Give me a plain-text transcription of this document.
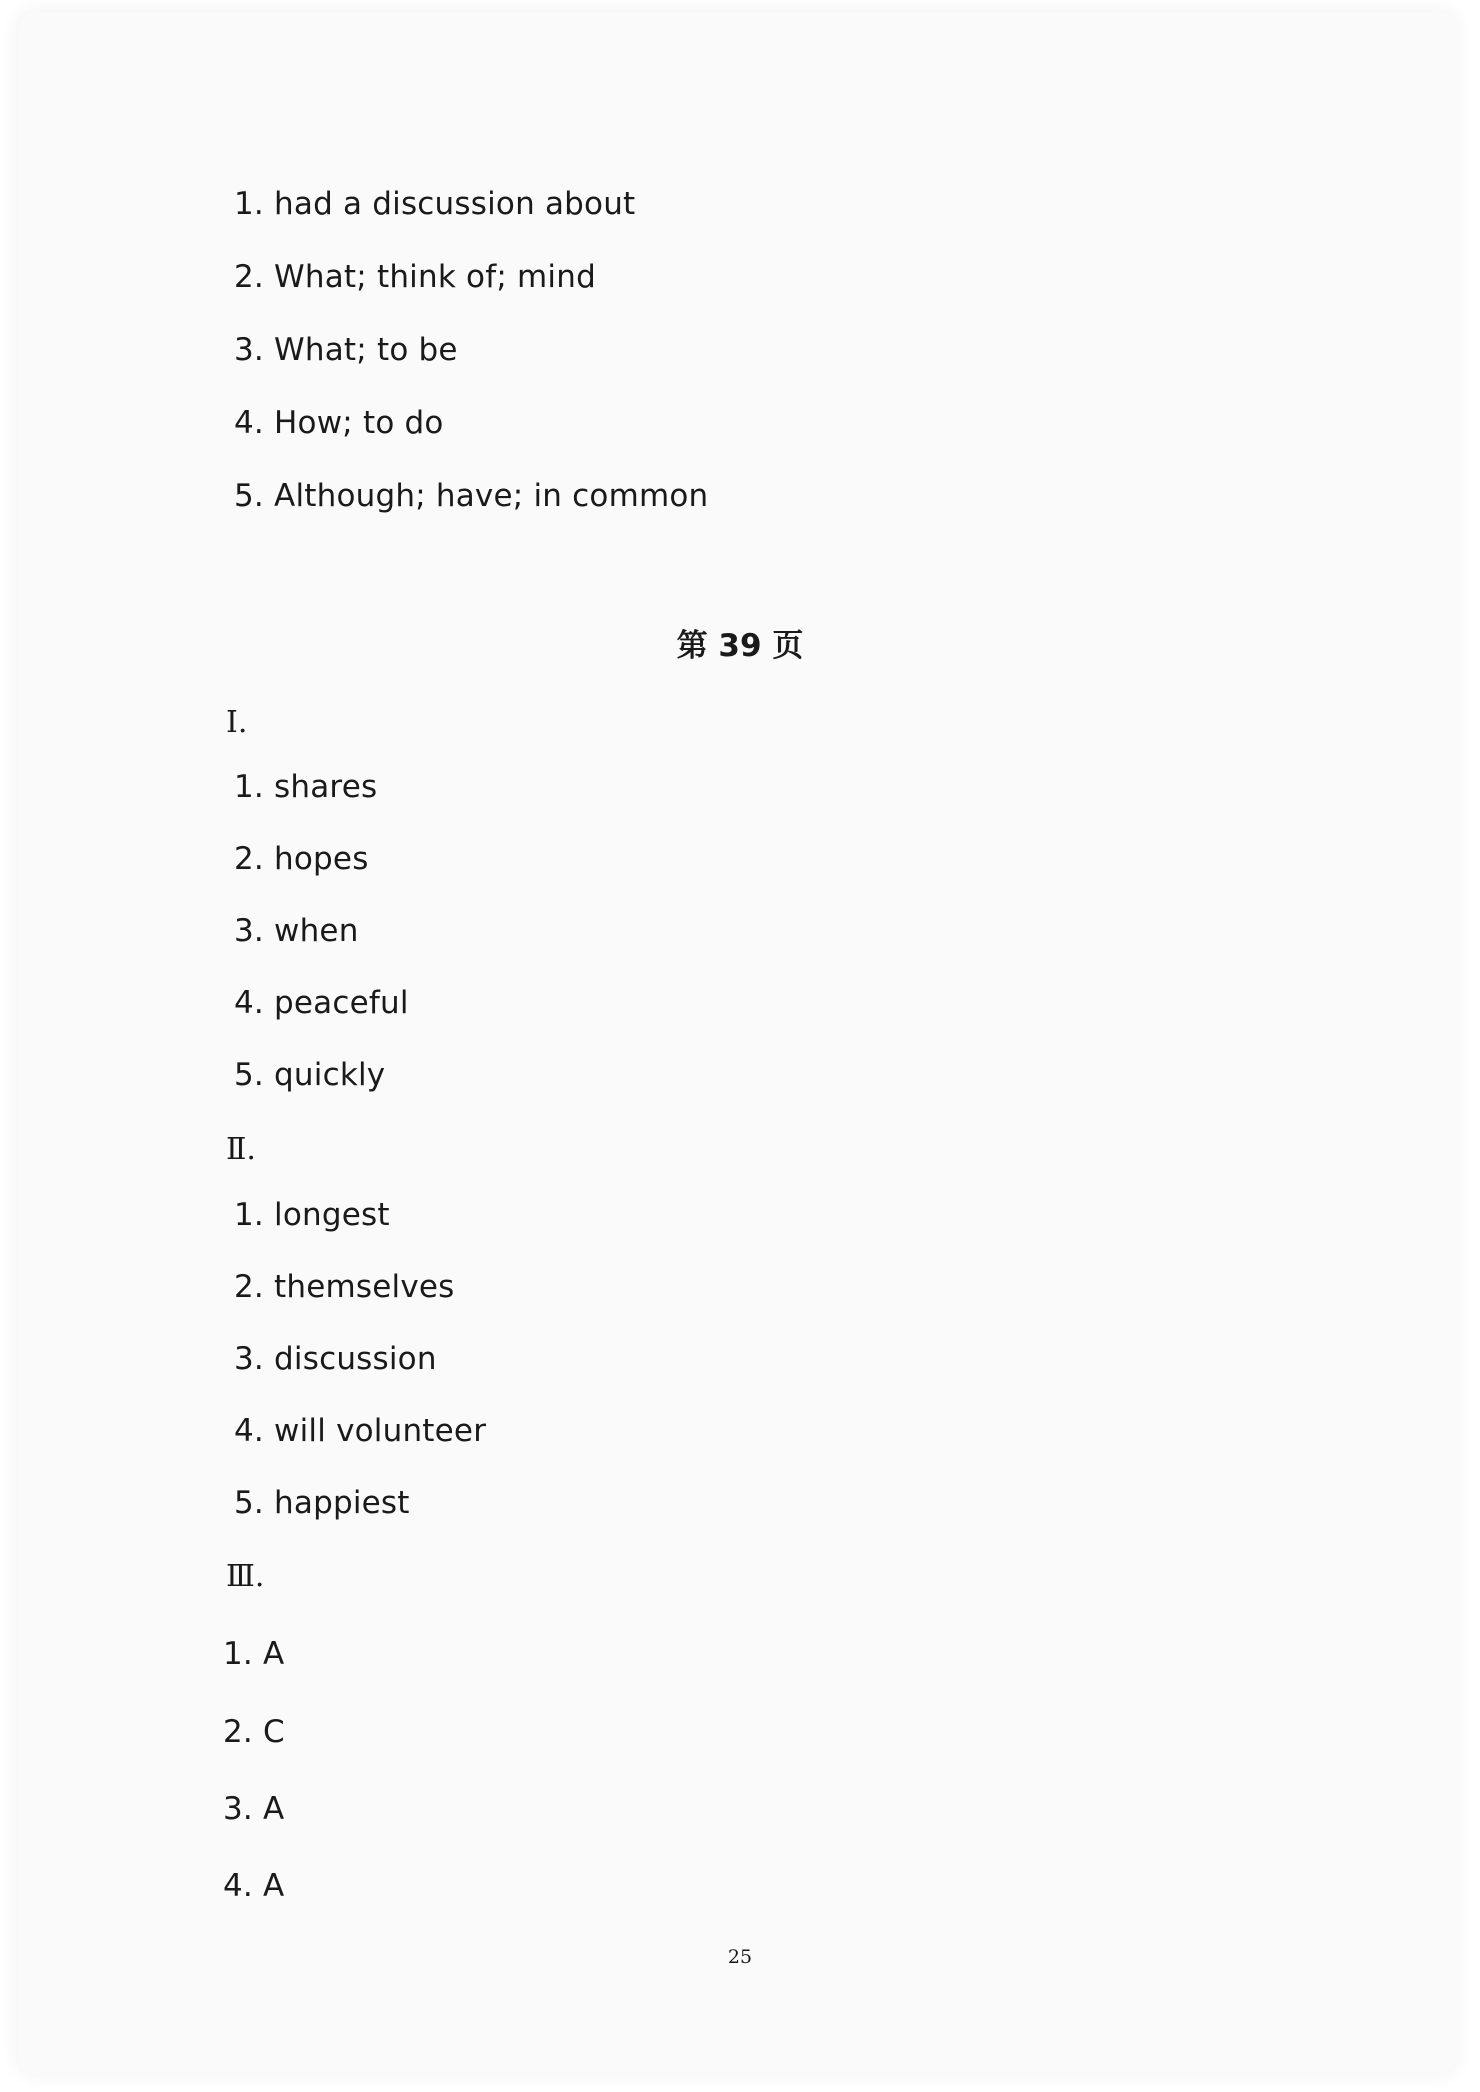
1. had a discussion about
2. What; think of; mind
3. What; to be
4. How; to do
5. Although; have; in common
第 39 页
Ⅰ.
1. shares
2. hopes
3. when
4. peaceful
5. quickly
Ⅱ.
1. longest
2. themselves
3. discussion
4. will volunteer
5. happiest
Ⅲ.
1. A
2. C
3. A
4. A
25
